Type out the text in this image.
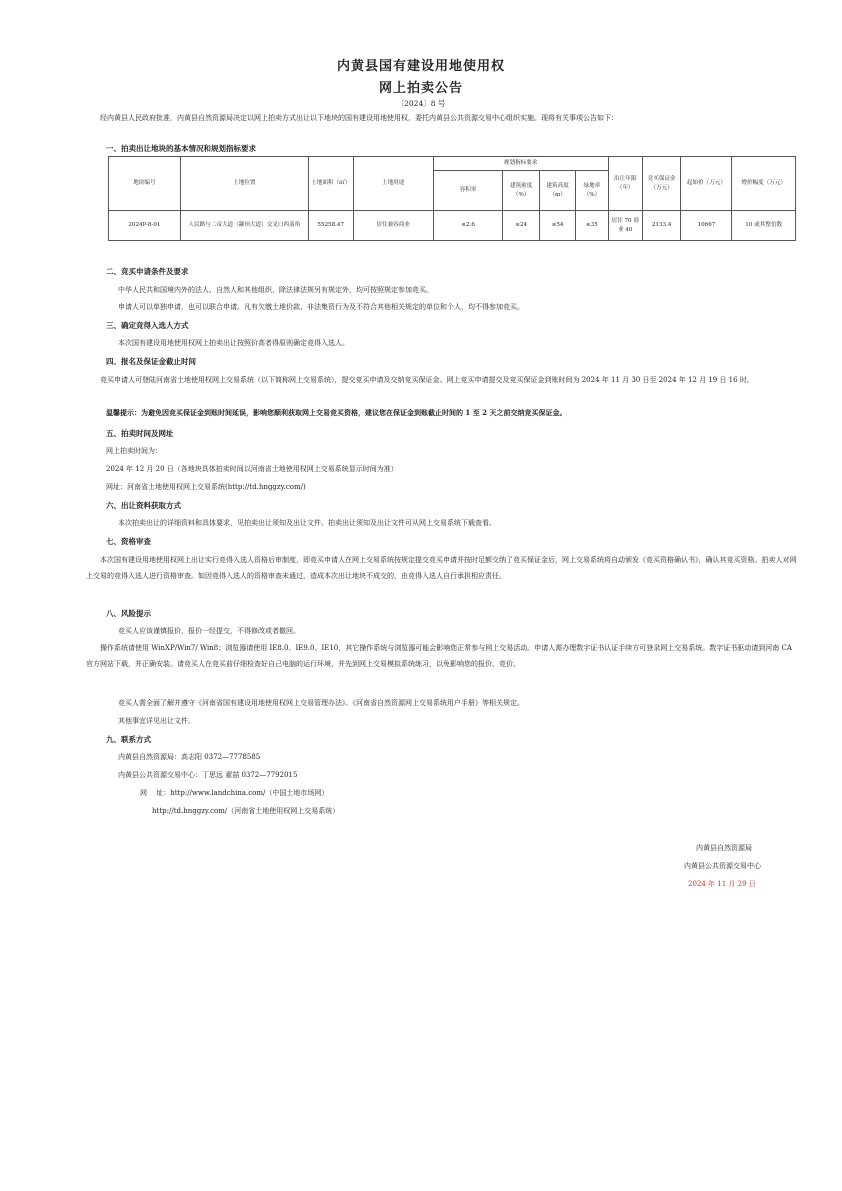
内黄县国有建设用地使用权
网上拍卖公告
〔2024〕8 号

经内黄县人民政府批准，内黄县自然资源局决定以网上拍卖方式出让以下地块的国有建设用地使用权，委托内黄县公共资源交易中心组织实施。现将有关事项公告如下：

一、拍卖出让地块的基本情况和规划指标要求
地块编号	土地位置	土地面积（㎡）	土地用途	规划指标要求				出让年限（年）	竞买保证金（万元）	起始价（万元）	增价幅度（万元）
				容积率	建筑密度（%）	建筑高度（m）	绿地率（%）				
2024P-8-01	人民路与二帝大道（颛顼大道）交叉口西南角	55258.47	居住兼容商业	≤2.6	≤24	≤54	≥35	居住 70 商业 40	2133.4	10667	10 或其整倍数
二、竞买申请条件及要求
中华人民共和国境内外的法人、自然人和其他组织，除法律法规另有规定外，均可按照规定参加竞买。
申请人可以单独申请，也可以联合申请。凡有欠缴土地价款、非法集资行为及不符合其他相关规定的单位和个人，均不得参加竞买。
三、确定竞得入选人方式
本次国有建设用地使用权网上拍卖出让按照价高者得原则确定竞得入选人。
四、报名及保证金截止时间

竞买申请人可登陆河南省土地使用权网上交易系统（以下简称网上交易系统），提交竞买申请及交纳竞买保证金。网上竞买申请提交及竞买保证金到账时间为 2024 年 11 月 30 日至 2024 年 12 月 19 日 16 时。

温馨提示：为避免因竞买保证金到账时间延误，影响您顺利获取网上交易竞买资格，建议您在保证金到账截止时间的 1 至 2 天之前交纳竞买保证金。
五、拍卖时间及网址
网上拍卖时间为：
2024 年 12 月 20 日（各地块具体拍卖时间以河南省土地使用权网上交易系统显示时间为准）
网址：河南省土地使用权网上交易系统(http://td.hnggzy.com/)
六、出让资料获取方式
本次拍卖出让的详细资料和具体要求，见拍卖出让须知及出让文件。拍卖出让须知及出让文件可从网上交易系统下载查看。
七、资格审查

本次国有建设用地使用权网上出让实行竞得入选人资格后审制度，即竞买申请人在网上交易系统按规定提交竞买申请并按时足额交纳了竞买保证金后，网上交易系统将自动颁发《竞买资格确认书》，确认其竞买资格。拍卖人对网上交易的竞得入选人进行资格审查。如因竞得入选人的资格审查未通过，造成本次出让地块不成交的，由竞得入选人自行承担相应责任。

八、风险提示
竞买人应该谨慎报价，报价一经提交，不得修改或者撤回。

操作系统请使用 WinXP/Win7/ Win8；浏览器请使用 IE8.0、IE9.0、IE10，其它操作系统与浏览器可能会影响您正常参与网上交易活动。申请人需办理数字证书认证手续方可登录网上交易系统。数字证书驱动请到河南 CA 官方网站下载，并正确安装。请竞买人在竞买前仔细检查好自己电脑的运行环境，并先到网上交易模拟系统练习，以免影响您的报价、竞价。

竞买人需全面了解并遵守《河南省国有建设用地使用权网上交易管理办法》、《河南省自然资源网上交易系统用户手册》等相关规定。
其他事宜详见出让文件。
九、联系方式
内黄县自然资源局：高志阳 0372—7778585
内黄县公共资源交易中心：丁思远 翟喆 0372—7792015
网　 址：http://www.landchina.com/（中国土地市场网）
http://td.hnggzy.com/（河南省土地使用权网上交易系统）
内黄县自然资源局
内黄县公共资源交易中心
2024 年 11 月 29 日
